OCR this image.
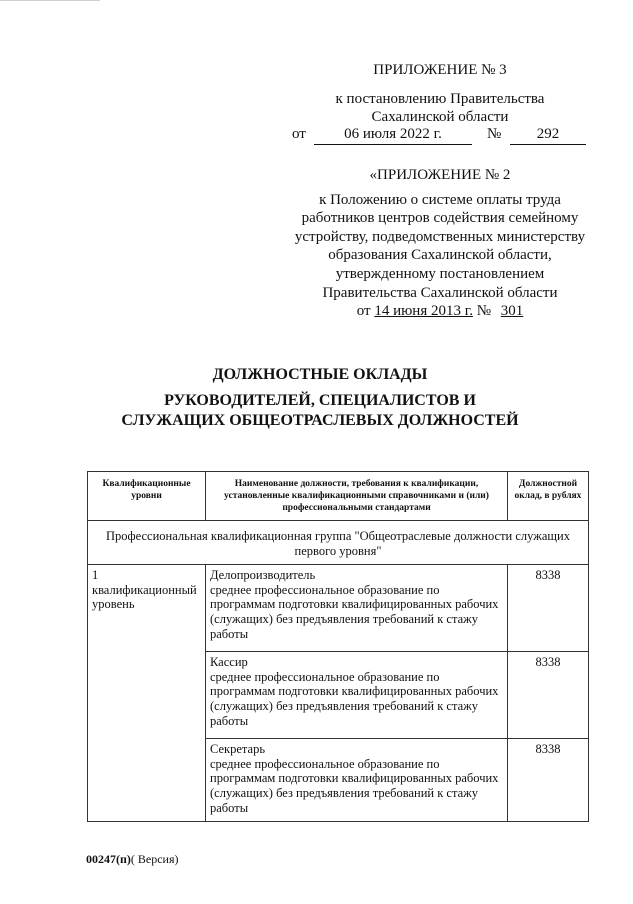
ПРИЛОЖЕНИЕ № 3
к постановлению Правительства
Сахалинской области
от	06 июля 2022 г.	№	292

«ПРИЛОЖЕНИЕ № 2

к Положению о системе оплаты труда

работников центров содействия семейному

устройству, подведомственных министерству

образования Сахалинской области,

утвержденному постановлением

Правительства Сахалинской области

от 14 июня 2013 г. № 301

ДОЛЖНОСТНЫЕ ОКЛАДЫ
РУКОВОДИТЕЛЕЙ, СПЕЦИАЛИСТОВ И
СЛУЖАЩИХ ОБЩЕОТРАСЛЕВЫХ ДОЛЖНОСТЕЙ
Квалификационные уровни	Наименование должности, требования к квалификации, установленные квалификационными справочниками и (или) профессиональными стандартами	Должностной оклад, в рублях
Профессиональная квалификационная группа "Общеотраслевые должности служащих первого уровня"		
1 квалификационный уровень	Делопроизводитель
среднее профессиональное образование по программам подготовки квалифицированных рабочих (служащих) без предъявления требований к стажу работы	8338

	Кассир
среднее профессиональное образование по программам подготовки квалифицированных рабочих (служащих) без предъявления требований к стажу работы	8338

	Секретарь
среднее профессиональное образование по программам подготовки квалифицированных рабочих (служащих) без предъявления требований к стажу работы	8338
00247(п)( Версия)
